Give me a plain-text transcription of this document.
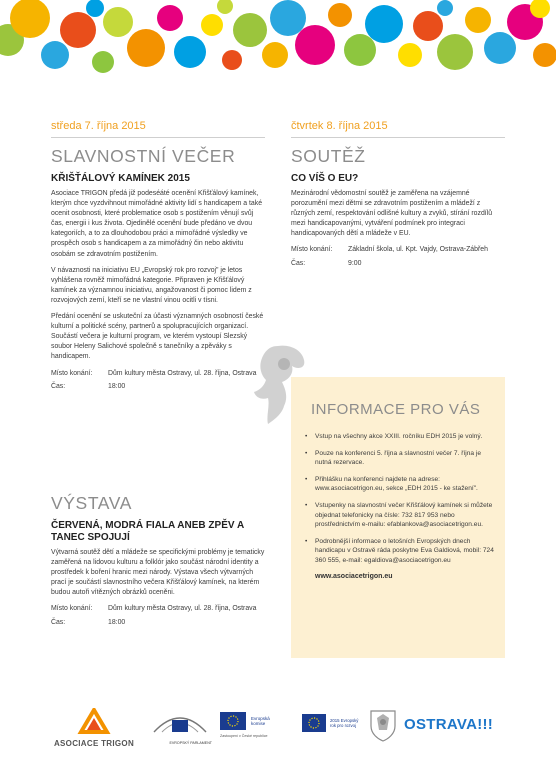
středa 7. října 2015
SLAVNOSTNÍ VEČER
KŘIŠŤÁLOVÝ KAMÍNEK 2015

Asociace TRIGON předá již podeséáté ocenění Křišťálový kamínek, kterým chce vyzdvihnout mimořádné aktivity lidí s handicapem a také ocenit osobnosti, které problematice osob s postižením věnují svůj čas, energii i kus života. Ojedinělé ocenění bude předáno ve dvou kategoriích, a to za dlouhodobou práci a mimořádné výsledky ve prospěch osob s handicapem a za mimořádný čin nebo aktivitu osobám se zdravotním postižením.

V návaznosti na iniciativu EU „Evropský rok pro rozvoj" je letos vyhlášena rovněž mimořádná kategorie. Připraven je Křišťálový kamínek za významnou iniciativu, angažovanost či pomoc lidem z rozvojových zemí, kteří se ne vlastní vinou ocitli v tísni.

Předání ocenění se uskuteční za účasti významných osobností české kulturní a politické scény, partnerů a spolupracujících organizací. Součástí večera je kulturní program, ve kterém vystoupí Slezský soubor Heleny Salichové společně s tanečníky a zpěváky s handicapem.

Místo konání:	Dům kultury města Ostravy, ul. 28. října, Ostrava
Čas:	18:00
VÝSTAVA
ČERVENÁ, MODRÁ FIALA ANEB ZPĚV A TANEC SPOJUJÍ

Výtvarná soutěž dětí a mládeže se specifickými problémy je tematicky zaměřená na lidovou kulturu a folklór jako součást národní identity a prostředek k boření hranic mezi národy. Výstava všech výtvarných prací je součástí slavnostního večera Křišťálový kamínek, na kterém budou autoři vítězných obrázků oceněni.

Místo konání:	Dům kultury města Ostravy, ul. 28. října, Ostrava
Čas:	18:00
čtvrtek 8. října 2015
SOUTĚŽ
CO VÍŠ O EU?

Mezinárodní vědomostní soutěž je zaměřena na vzájemné porozumění mezi dětmi se zdravotním postižením a mládeží z různých zemí, respektování odlišné kultury a zvyků, stírání rozdílů mezi handicapovanými, vytváření podmínek pro integraci handicapovaných dětí a mládeže v EU.

Místo konání:	Základní škola, ul. Kpt. Vajdy, Ostrava-Zábřeh
Čas:	9:00
INFORMACE PRO VÁS
• Vstup na všechny akce XXIII. ročníku EDH 2015 je volný.
• Pouze na konferenci 5. října a slavnostní večer 7. října je nutná rezervace.
• Přihlášku na konferenci najdete na adrese: www.asociacetrigon.eu, sekce „EDH 2015 - ke stažení".
• Vstupenky na slavnostní večer Křišťálový kamínek si můžete objednat telefonicky na čísle: 732 817 953 nebo prostřednictvím e-mailu: efablankova@asociacetrigon.eu.
• Podrobnější informace o letošních Evropských dnech handicapu v Ostravě ráda poskytne Eva Galdiová, mobil: 724 360 555, e-mail: egaldiova@asociacetrigon.eu
www.asociacetrigon.eu
ASOCIACE TRIGON	EVROPSKÝ PARLAMENT
Evropská komise
Zastoupení v České republice
2015 Evropský rok pro rozvoj	OSTRAVA!!!
